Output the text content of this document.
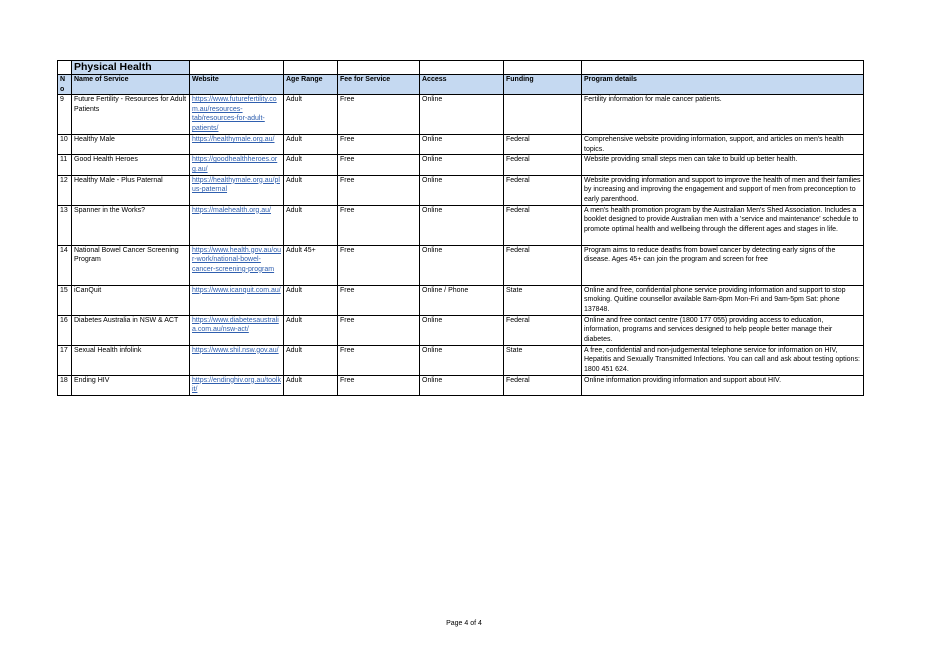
	Physical Health						
No	Name of Service	Website	Age Range	Fee for Service	Access	Funding	Program details
9	Future Fertility - Resources for Adult Patients	https://www.futurefertility.com.au/resources-tab/resources-for-adult-patients/	Adult	Free	Online		Fertility information for male cancer patients.
10	Healthy Male	https://healthymale.org.au/	Adult	Free	Online	Federal	Comprehensive website providing information, support, and articles on men's health topics.
11	Good Health Heroes	https://goodhealthheroes.org.au/	Adult	Free	Online	Federal	Website providing small steps men can take to build up better health.
12	Healthy Male - Plus Paternal	https://healthymale.org.au/plus-paternal	Adult	Free	Online	Federal	Website providing information and support to improve the health of men and their families by increasing and improving the engagement and support of men from preconception to early parenthood.
13	Spanner in the Works?	https://malehealth.org.au/	Adult	Free	Online	Federal	A men's health promotion program by the Australian Men's Shed Association. Includes a booklet designed to provide Australian men with a 'service and maintenance' schedule to promote optimal health and wellbeing through the different ages and stages in life.
14	National Bowel Cancer Screening Program	https://www.health.gov.au/our-work/national-bowel-cancer-screening-program	Adult 45+	Free	Online	Federal	Program aims to reduce deaths from bowel cancer by detecting early signs of the disease. Ages 45+ can join the program and screen for free
15	iCanQuit	https://www.icanquit.com.au/	Adult	Free	Online / Phone	State	Online and free, confidential phone service providing information and support to stop smoking. Quitline counsellor available 8am-8pm Mon-Fri and 9am-5pm Sat: phone 137848.
16	Diabetes Australia in NSW & ACT	https://www.diabetesaustralia.com.au/nsw-act/	Adult	Free	Online	Federal	Online and free contact centre (1800 177 055) providing access to education, information, programs and services designed to help people better manage their diabetes.
17	Sexual Health infolink	https://www.shil.nsw.gov.au/	Adult	Free	Online	State	A free, confidential and non-judgemental telephone service for information on HIV, Hepatitis and Sexually Transmitted Infections. You can call and ask about testing options: 1800 451 624.
18	Ending HIV	https://endinghiv.org.au/toolkit/	Adult	Free	Online	Federal	Online information providing information and support about HIV.
Page 4 of 4
